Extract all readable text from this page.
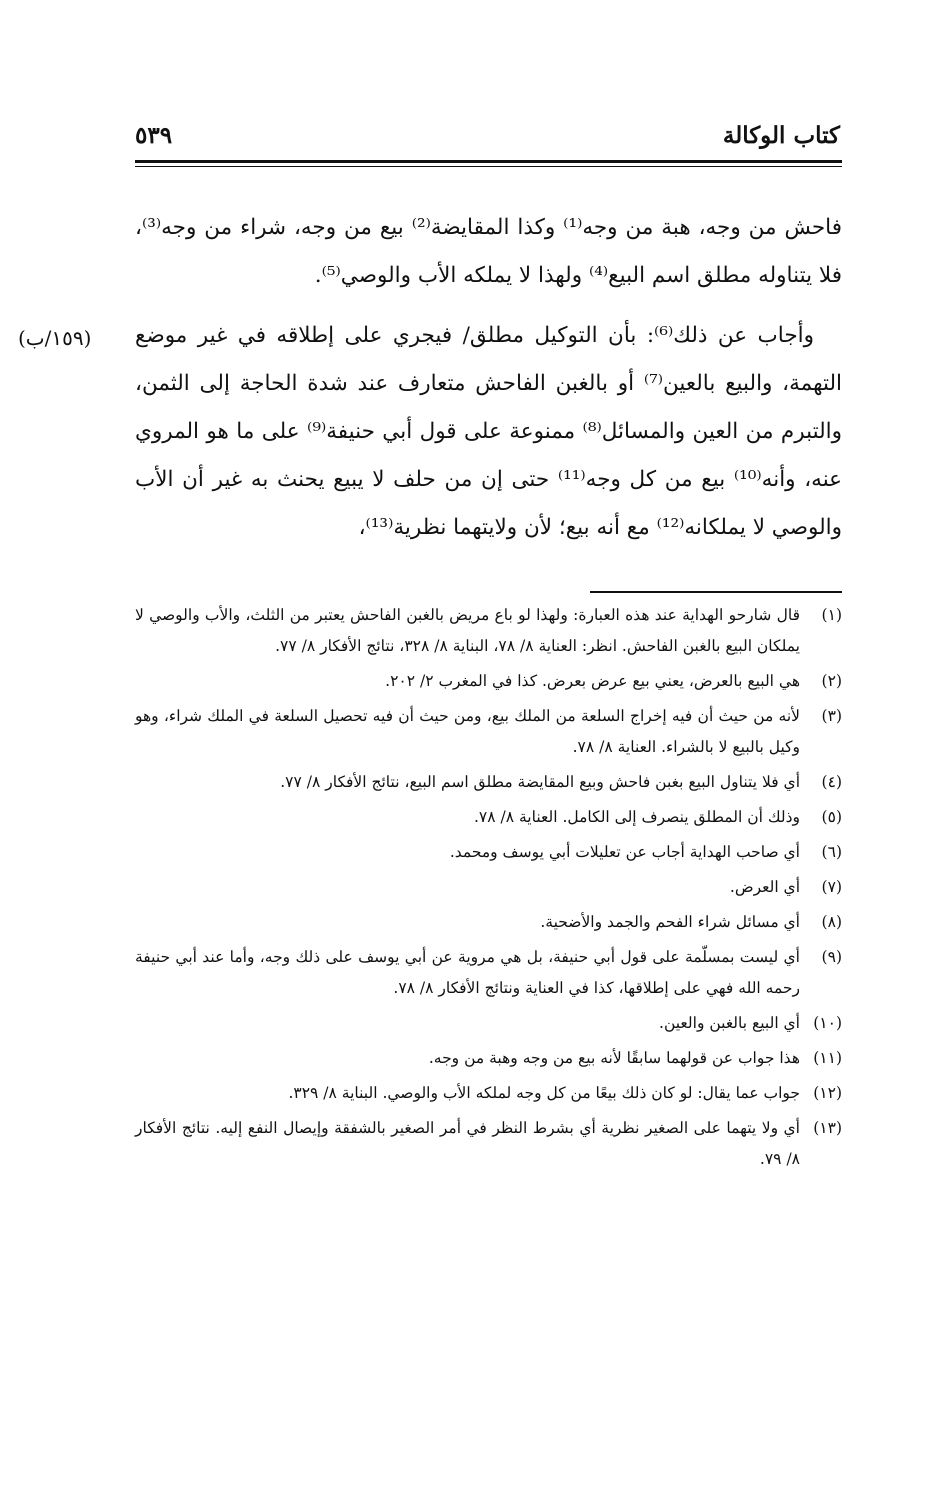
كتاب الوكالة
٥٣٩

فاحش من وجه، هبة من وجه⁽¹⁾ وكذا المقايضة⁽²⁾ بيع من وجه، شراء من وجه⁽³⁾، فلا يتناوله مطلق اسم البيع⁽⁴⁾ ولهذا لا يملكه الأب والوصي⁽⁵⁾.

وأجاب عن ذلك⁽⁶⁾: بأن التوكيل مطلق/ فيجري على إطلاقه في غير موضع التهمة، والبيع بالعين⁽⁷⁾ أو بالغبن الفاحش متعارف عند شدة الحاجة إلى الثمن، والتبرم من العين والمسائل⁽⁸⁾ ممنوعة على قول أبي حنيفة⁽⁹⁾ على ما هو المروي عنه، وأنه⁽¹⁰⁾ بيع من كل وجه⁽¹¹⁾ حتى إن من حلف لا يبيع يحنث به غير أن الأب والوصي لا يملكانه⁽¹²⁾ مع أنه بيع؛ لأن ولايتهما نظرية⁽¹³⁾،

(١٥٩/ب)
(١)
قال شارحو الهداية عند هذه العبارة: ولهذا لو باع مريض بالغبن الفاحش يعتبر من الثلث، والأب والوصي لا يملكان البيع بالغبن الفاحش. انظر: العناية ٨/ ٧٨، البناية ٨/ ٣٢٨، نتائج الأفكار ٨/ ٧٧.
(٢)
هي البيع بالعرض، يعني بيع عرض بعرض. كذا في المغرب ٢/ ٢٠٢.
(٣)
لأنه من حيث أن فيه إخراج السلعة من الملك بيع، ومن حيث أن فيه تحصيل السلعة في الملك شراء، وهو وكيل بالبيع لا بالشراء. العناية ٨/ ٧٨.
(٤)
أي فلا يتناول البيع بغبن فاحش وبيع المقايضة مطلق اسم البيع، نتائج الأفكار ٨/ ٧٧.
(٥)
وذلك أن المطلق ينصرف إلى الكامل. العناية ٨/ ٧٨.
(٦)
أي صاحب الهداية أجاب عن تعليلات أبي يوسف ومحمد.
(٧)
أي العرض.
(٨)
أي مسائل شراء الفحم والجمد والأضحية.
(٩)
أي ليست بمسلّمة على قول أبي حنيفة، بل هي مروية عن أبي يوسف على ذلك وجه، وأما عند أبي حنيفة رحمه الله فهي على إطلاقها، كذا في العناية ونتائج الأفكار ٨/ ٧٨.
(١٠)
أي البيع بالغبن والعين.
(١١)
هذا جواب عن قولهما سابقًا لأنه بيع من وجه وهبة من وجه.
(١٢)
جواب عما يقال: لو كان ذلك بيعًا من كل وجه لملكه الأب والوصي. البناية ٨/ ٣٢٩.
(١٣)
أي ولا يتهما على الصغير نظرية أي بشرط النظر في أمر الصغير بالشفقة وإيصال النفع إليه. نتائج الأفكار ٨/ ٧٩.
